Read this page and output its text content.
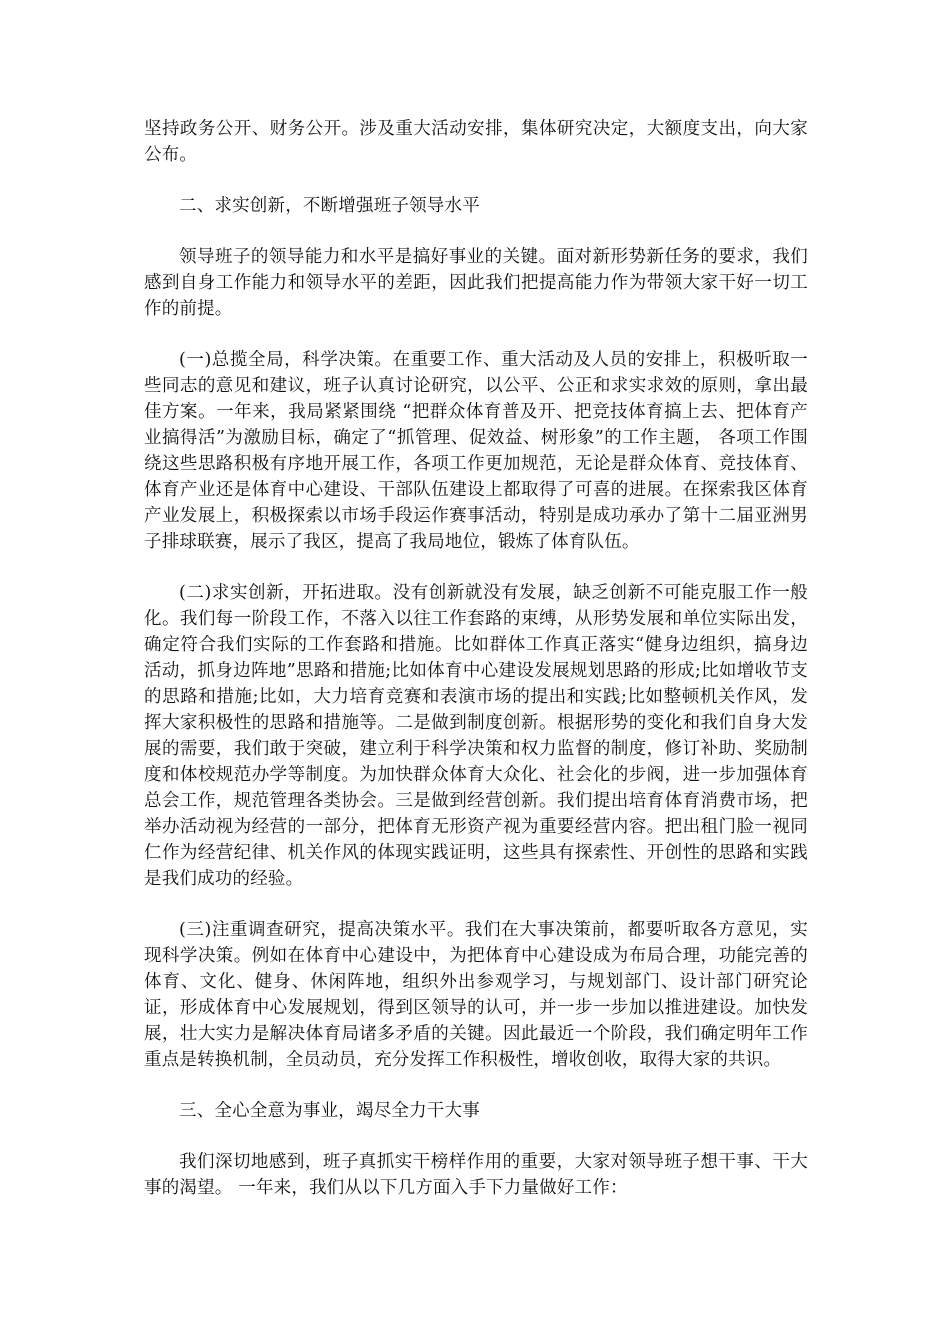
坚持政务公开、财务公开。涉及重大活动安排，集体研究决定，大额度支出，向大家公布。

二、求实创新，不断增强班子领导水平

领导班子的领导能力和水平是搞好事业的关键。面对新形势新任务的要求，我们感到自身工作能力和领导水平的差距，因此我们把提高能力作为带领大家干好一切工作的前提。

(一)总揽全局，科学决策。在重要工作、重大活动及人员的安排上，积极听取一些同志的意见和建议，班子认真讨论研究，以公平、公正和求实求效的原则，拿出最佳方案。一年来，我局紧紧围绕 “把群众体育普及开、把竞技体育搞上去、把体育产业搞得活”为激励目标，确定了“抓管理、促效益、树形象”的工作主题， 各项工作围绕这些思路积极有序地开展工作，各项工作更加规范，无论是群众体育、竞技体育、体育产业还是体育中心建设、干部队伍建设上都取得了可喜的进展。在探索我区体育产业发展上，积极探索以市场手段运作赛事活动，特别是成功承办了第十二届亚洲男子排球联赛，展示了我区，提高了我局地位，锻炼了体育队伍。

(二)求实创新，开拓进取。没有创新就没有发展，缺乏创新不可能克服工作一般化。我们每一阶段工作，不落入以往工作套路的束缚，从形势发展和单位实际出发，确定符合我们实际的工作套路和措施。比如群体工作真正落实“健身边组织，搞身边活动，抓身边阵地”思路和措施;比如体育中心建设发展规划思路的形成;比如增收节支的思路和措施;比如，大力培育竞赛和表演市场的提出和实践;比如整顿机关作风，发挥大家积极性的思路和措施等。二是做到制度创新。根据形势的变化和我们自身大发展的需要，我们敢于突破，建立利于科学决策和权力监督的制度，修订补助、奖励制度和体校规范办学等制度。为加快群众体育大众化、社会化的步阀，进一步加强体育总会工作，规范管理各类协会。三是做到经营创新。我们提出培育体育消费市场，把举办活动视为经营的一部分，把体育无形资产视为重要经营内容。把出租门脸一视同仁作为经营纪律、机关作风的体现实践证明，这些具有探索性、开创性的思路和实践是我们成功的经验。

(三)注重调查研究，提高决策水平。我们在大事决策前，都要听取各方意见，实现科学决策。例如在体育中心建设中，为把体育中心建设成为布局合理，功能完善的体育、文化、健身、休闲阵地，组织外出参观学习，与规划部门、设计部门研究论证，形成体育中心发展规划，得到区领导的认可，并一步一步加以推进建设。加快发展，壮大实力是解决体育局诸多矛盾的关键。因此最近一个阶段，我们确定明年工作重点是转换机制，全员动员，充分发挥工作积极性，增收创收，取得大家的共识。

三、全心全意为事业，竭尽全力干大事

我们深切地感到，班子真抓实干榜样作用的重要，大家对领导班子想干事、干大事的渴望。 一年来，我们从以下几方面入手下力量做好工作：
